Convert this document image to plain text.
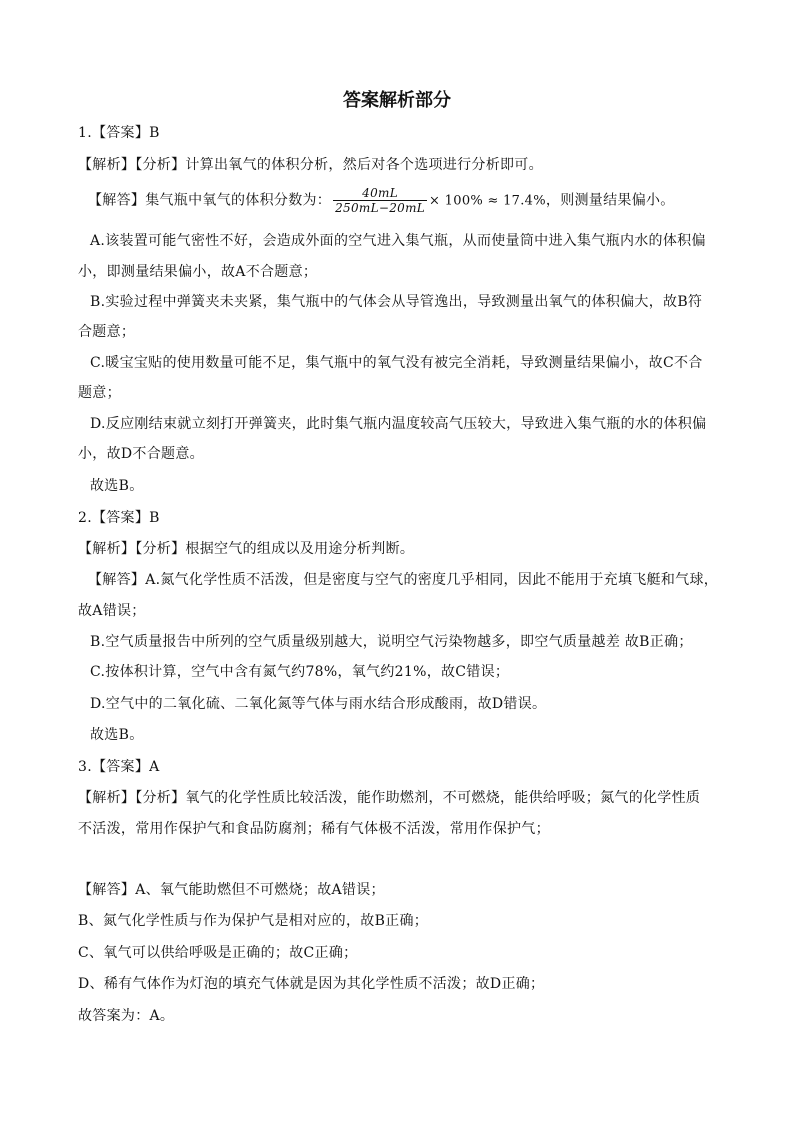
答案解析部分
1.【答案】B
【解析】【分析】计算出氧气的体积分析，然后对各个选项进行分析即可。
【解答】集气瓶中氧气的体积分数为： $\frac{40mL}{250mL-20mL} \times 100\% \approx 17.4\%$，则测量结果偏小。
A.该装置可能气密性不好，会造成外面的空气进入集气瓶，从而使量筒中进入集气瓶内水的体积偏
小，即测量结果偏小，故A不合题意；
B.实验过程中弹簧夹未夹紧，集气瓶中的气体会从导管逸出，导致测量出氧气的体积偏大，故B符
合题意；
C.暖宝宝贴的使用数量可能不足，集气瓶中的氧气没有被完全消耗，导致测量结果偏小，故C不合
题意；
D.反应刚结束就立刻打开弹簧夹，此时集气瓶内温度较高气压较大，导致进入集气瓶的水的体积偏
小，故D不合题意。
故选B。
2.【答案】B
【解析】【分析】根据空气的组成以及用途分析判断。
【解答】A.氮气化学性质不活泼，但是密度与空气的密度几乎相同，因此不能用于充填飞艇和气球，
故A错误；
B.空气质量报告中所列的空气质量级别越大，说明空气污染物越多，即空气质量越差 故B正确；
C.按体积计算，空气中含有氮气约78%，氧气约21%，故C错误；
D.空气中的二氧化硫、二氧化氮等气体与雨水结合形成酸雨，故D错误。
故选B。
3.【答案】A
【解析】【分析】氧气的化学性质比较活泼，能作助燃剂，不可燃烧，能供给呼吸；氮气的化学性质
不活泼，常用作保护气和食品防腐剂；稀有气体极不活泼，常用作保护气；
【解答】A、氧气能助燃但不可燃烧；故A错误；
B、氮气化学性质与作为保护气是相对应的，故B正确；
C、氧气可以供给呼吸是正确的；故C正确；
D、稀有气体作为灯泡的填充气体就是因为其化学性质不活泼；故D正确；
故答案为：A。
